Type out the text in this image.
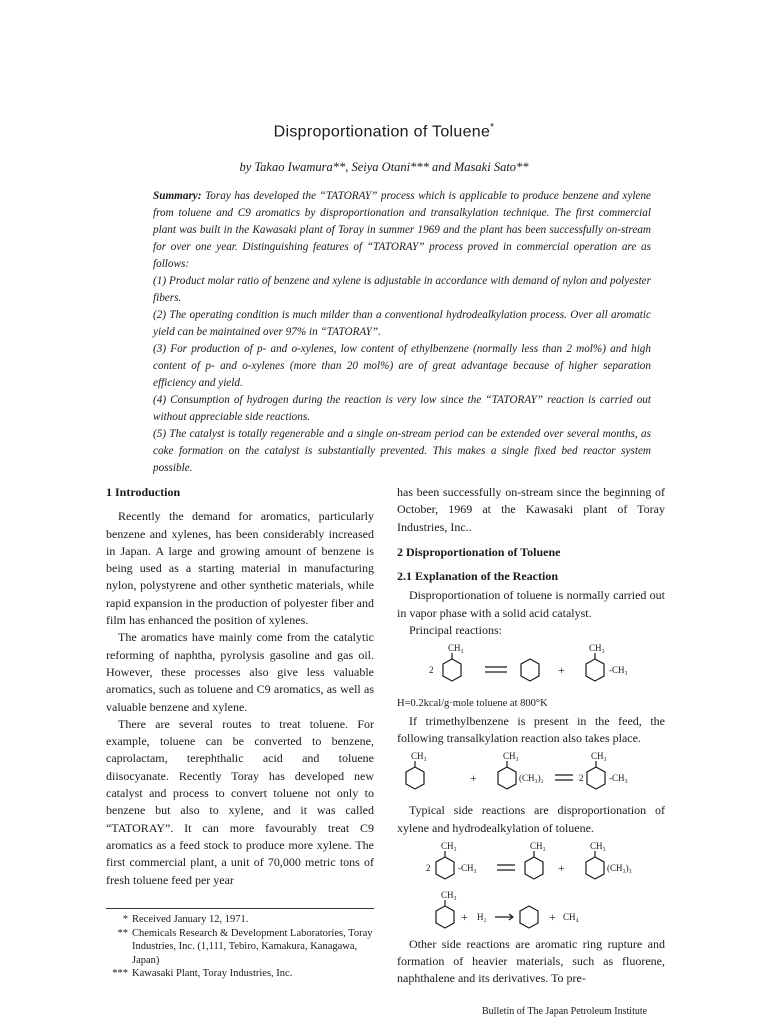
Disproportionation of Toluene*
by Takao Iwamura**, Seiya Otani*** and Masaki Sato**

Summary: Toray has developed the “TATORAY” process which is applicable to produce benzene and xylene from toluene and C9 aromatics by disproportionation and transalkylation technique. The first commercial plant was built in the Kawasaki plant of Toray in summer 1969 and the plant has been successfully on-stream for over one year. Distinguishing features of “TATORAY” process proved in commercial operation are as follows:

(1) Product molar ratio of benzene and xylene is adjustable in accordance with demand of nylon and polyester fibers.

(2) The operating condition is much milder than a conventional hydrodealkylation process. Over all aromatic yield can be maintained over 97% in “TATORAY”.

(3) For production of p- and o-xylenes, low content of ethylbenzene (normally less than 2 mol%) and high content of p- and o-xylenes (more than 20 mol%) are of great advantage because of higher separation efficiency and yield.

(4) Consumption of hydrogen during the reaction is very low since the “TATORAY” reaction is carried out without appreciable side reactions.

(5) The catalyst is totally regenerable and a single on-stream period can be extended over several months, as coke formation on the catalyst is substantially prevented. This makes a single fixed bed reactor system possible.

1 Introduction

Recently the demand for aromatics, particularly benzene and xylenes, has been considerably increased in Japan. A large and growing amount of benzene is being used as a starting material in manufacturing nylon, polystyrene and other synthetic materials, while rapid expansion in the production of polyester fiber and film has enhanced the position of xylenes.

The aromatics have mainly come from the catalytic reforming of naphtha, pyrolysis gasoline and gas oil. However, these processes also give less valuable aromatics, such as toluene and C9 aromatics, as well as valuable benzene and xylene.

There are several routes to treat toluene. For example, toluene can be converted to benzene, caprolactam, terephthalic acid and toluene diisocyanate. Recently Toray has developed new catalyst and process to convert toluene not only to benzene but also to xylene, and it was called “TATORAY”. It can more favourably treat C9 aromatics as a feed stock to produce more xylene. The first commercial plant, a unit of 70,000 metric tons of fresh toluene feed per year

has been successfully on-stream since the beginning of October, 1969 at the Kawasaki plant of Toray Industries, Inc..

2 Disproportionation of Toluene
2.1 Explanation of the Reaction

Disproportionation of toluene is normally carried out in vapor phase with a solid acid catalyst.

Principal reactions:

2
CH₃	CH₃
-CH₃
+

H=0.2kcal/g·mole toluene at 800°K

If trimethylbenzene is present in the feed, the following transalkylation reaction also takes place.

CH₃	CH₃	CH₃
(CH₃)₂	2	-CH₃
+

Typical side reactions are disproportionation of xylene and hydrodealkylation of toluene.

2
CH₃
-CH₃
CH₃	CH₃
(CH₃)₃
+
CH₃
+ H₂	+ CH₄

Other side reactions are aromatic ring rupture and formation of heavier materials, such as fluorene, naphthalene and its derivatives. To pre-

* Received January 12, 1971.
** Chemicals Research & Development Laboratories, Toray Industries, Inc. (1,111, Tebiro, Kamakura, Kanagawa, Japan)
*** Kawasaki Plant, Toray Industries, Inc.
Bulletin of The Japan Petroleum Institute
